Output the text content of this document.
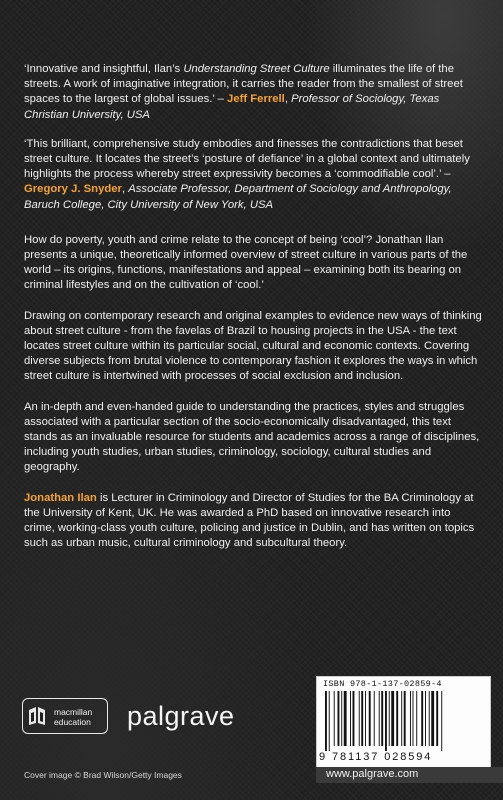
‘Innovative and insightful, Ilan’s Understanding Street Culture illuminates the life of the streets. A work of imaginative integration, it carries the reader from the smallest of street spaces to the largest of global issues.’ – Jeff Ferrell, Professor of Sociology, Texas Christian University, USA

‘This brilliant, comprehensive study embodies and finesses the contradictions that beset street culture. It locates the street’s ‘posture of defiance’ in a global context and ultimately highlights the process whereby street expressivity becomes a ‘commodifiable cool’.’ – Gregory J. Snyder, Associate Professor, Department of Sociology and Anthropology, Baruch College, City University of New York, USA

How do poverty, youth and crime relate to the concept of being ‘cool’? Jonathan Ilan presents a unique, theoretically informed overview of street culture in various parts of the world – its origins, functions, manifestations and appeal – examining both its bearing on criminal lifestyles and on the cultivation of ‘cool.’

Drawing on contemporary research and original examples to evidence new ways of thinking about street culture - from the favelas of Brazil to housing projects in the USA - the text locates street culture within its particular social, cultural and economic contexts. Covering diverse subjects from brutal violence to contemporary fashion it explores the ways in which street culture is intertwined with processes of social exclusion and inclusion.

An in-depth and even-handed guide to understanding the practices, styles and struggles associated with a particular section of the socio-economically disadvantaged, this text stands as an invaluable resource for students and academics across a range of disciplines, including youth studies, urban studies, criminology, sociology, cultural studies and geography.

Jonathan Ilan is Lecturer in Criminology and Director of Studies for the BA Criminology at the University of Kent, UK. He was awarded a PhD based on innovative research into crime, working-class youth culture, policing and justice in Dublin, and has written on topics such as urban music, cultural criminology and subcultural theory.

macmillan
education palgrave
ISBN 978-1-137-02859-4
9 781137 028594
Cover image © Brad Wilson/Getty Images	www.palgrave.com
